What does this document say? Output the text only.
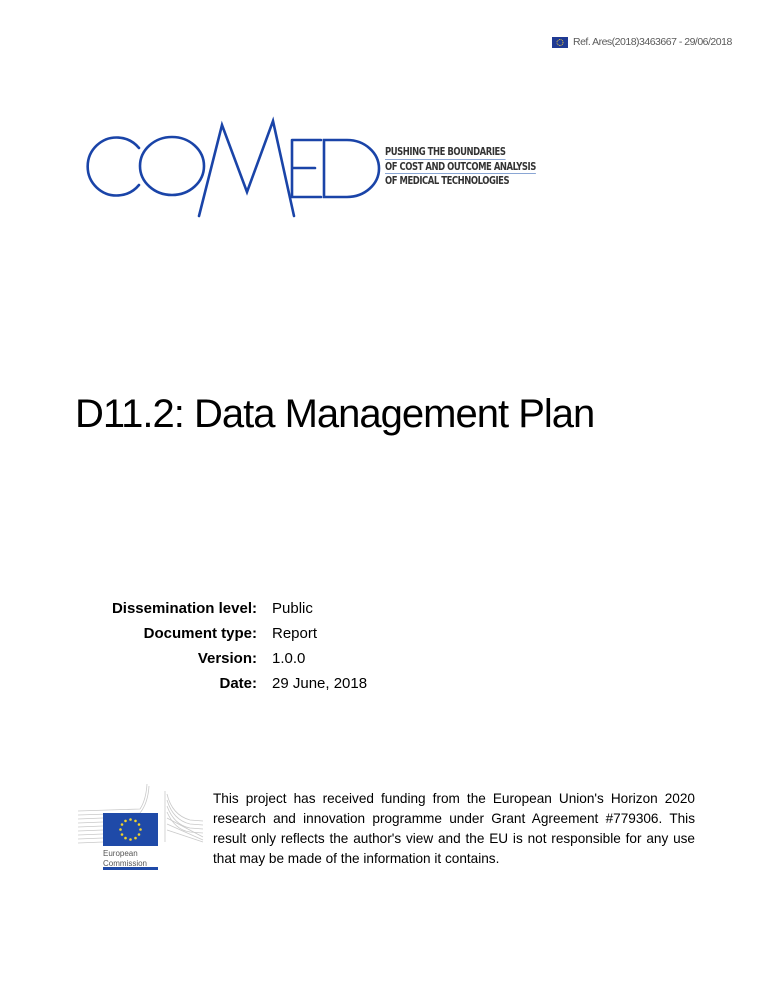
Ref. Ares(2018)3463667 - 29/06/2018
PUSHING THE BOUNDARIES
OF COST AND OUTCOME ANALYSIS
OF MEDICAL TECHNOLOGIES
D11.2: Data Management Plan
Dissemination level:	Public
Document type:	Report
Version:	1.0.0
Date:	29 June, 2018
European
Commission
This project has received funding from the European Union's Horizon 2020 research and innovation programme under Grant Agreement #779306. This result only reflects the author's view and the EU is not responsible for any use that may be made of the information it contains.
